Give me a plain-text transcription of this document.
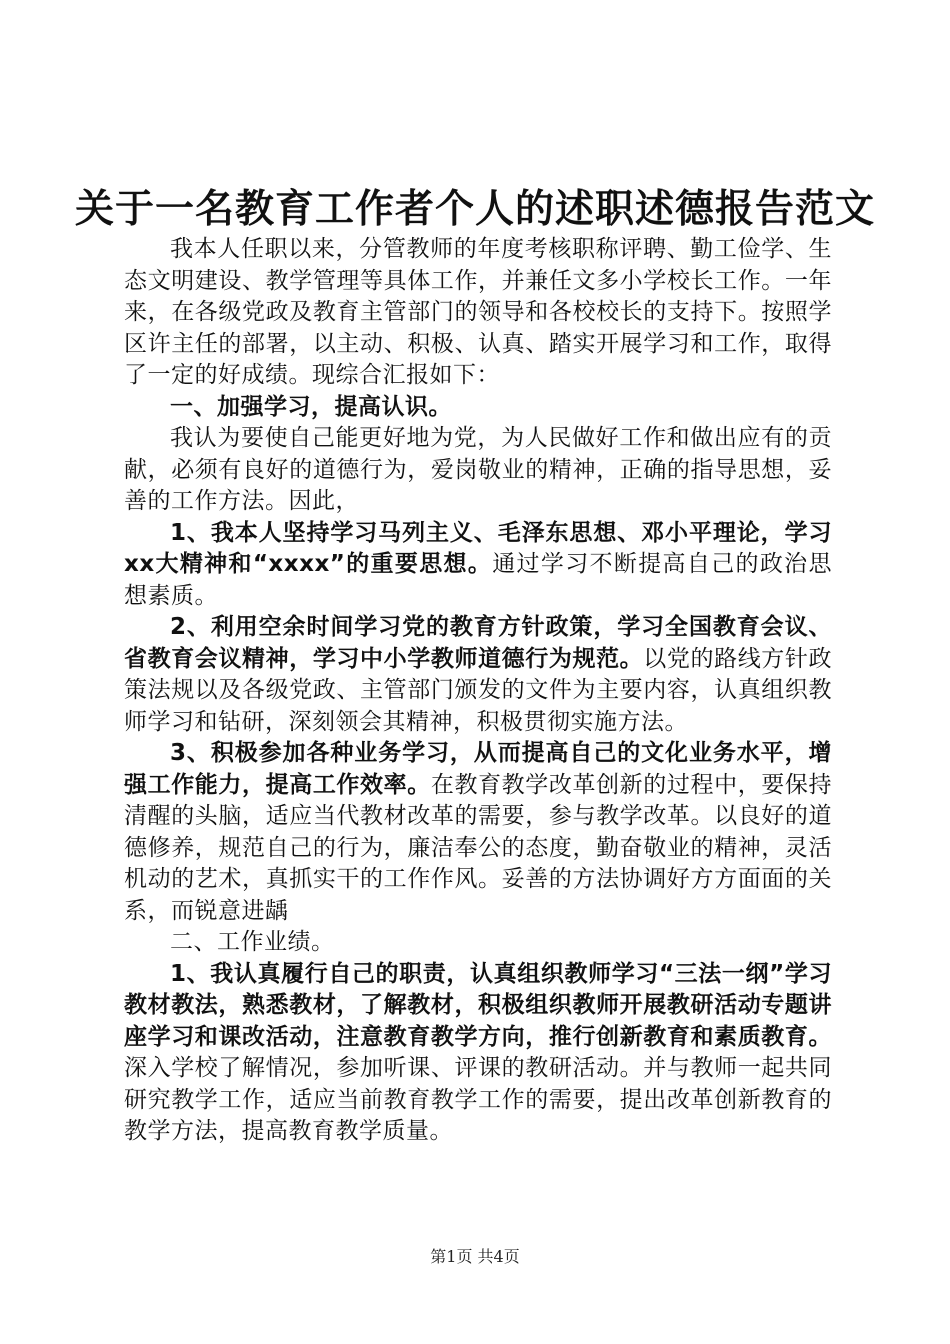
关于一名教育工作者个人的述职述德报告范文

我本人任职以来，分管教师的年度考核职称评聘、勤工俭学、生态文明建设、教学管理等具体工作，并兼任文多小学校长工作。一年来，在各级党政及教育主管部门的领导和各校校长的支持下。按照学区许主任的部署，以主动、积极、认真、踏实开展学习和工作，取得了一定的好成绩。现综合汇报如下：

一、加强学习，提高认识。

我认为要使自己能更好地为党，为人民做好工作和做出应有的贡献，必须有良好的道德行为，爱岗敬业的精神，正确的指导思想，妥善的工作方法。因此，

1、我本人坚持学习马列主义、毛泽东思想、邓小平理论，学习xx大精神和“xxxx”的重要思想。通过学习不断提高自己的政治思想素质。

2、利用空余时间学习党的教育方针政策，学习全国教育会议、省教育会议精神，学习中小学教师道德行为规范。以党的路线方针政策法规以及各级党政、主管部门颁发的文件为主要内容，认真组织教师学习和钻研，深刻领会其精神，积极贯彻实施方法。

3、积极参加各种业务学习，从而提高自己的文化业务水平，增强工作能力，提高工作效率。在教育教学改革创新的过程中，要保持清醒的头脑，适应当代教材改革的需要，参与教学改革。以良好的道德修养，规范自己的行为，廉洁奉公的态度，勤奋敬业的精神，灵活机动的艺术，真抓实干的工作作风。妥善的方法协调好方方面面的关系，而锐意进龋

二、工作业绩。

1、我认真履行自己的职责，认真组织教师学习“三法一纲”学习教材教法，熟悉教材，了解教材，积极组织教师开展教研活动专题讲座学习和课改活动，注意教育教学方向，推行创新教育和素质教育。深入学校了解情况，参加听课、评课的教研活动。并与教师一起共同研究教学工作，适应当前教育教学工作的需要，提出改革创新教育的教学方法，提高教育教学质量。

第1页 共4页
